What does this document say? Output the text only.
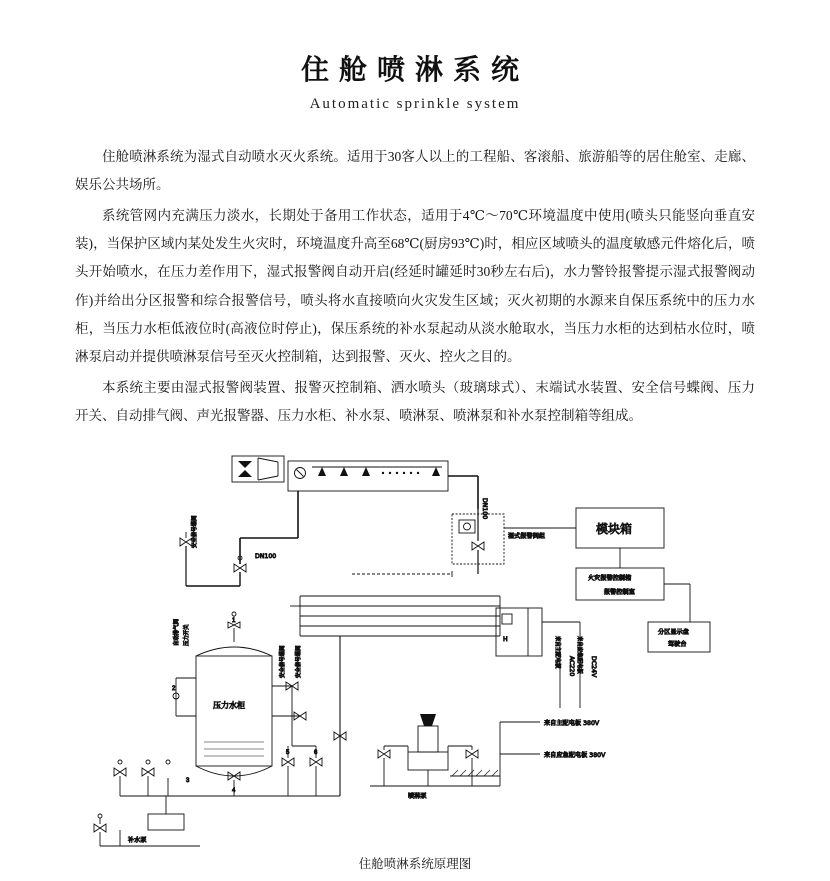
住舱喷淋系统
Automatic sprinkle system

住舱喷淋系统为湿式自动喷水灭火系统。适用于30客人以上的工程船、客滚船、旅游船等的居住舱室、走廊、娱乐公共场所。

系统管网内充满压力淡水，长期处于备用工作状态，适用于4℃～70℃环境温度中使用(喷头只能竖向垂直安装)，当保护区域内某处发生火灾时，环境温度升高至68℃(厨房93℃)时，相应区域喷头的温度敏感元件熔化后，喷头开始喷水，在压力差作用下，湿式报警阀自动开启(经延时罐延时30秒左右后)，水力警铃报警提示湿式报警阀动作)并给出分区报警和综合报警信号，喷头将水直接喷向火灾发生区域；灭火初期的水源来自保压系统中的压力水柜，当压力水柜低液位时(高液位时停止)，保压系统的补水泵起动从淡水舱取水，当压力水柜的达到枯水位时，喷淋泵启动并提供喷淋泵信号至灭火控制箱，达到报警、灭火、控火之目的。

本系统主要由湿式报警阀装置、报警灭控制箱、洒水喷头（玻璃球式）、末端试水装置、安全信号蝶阀、压力开关、自动排气阀、声光报警器、压力水柜、补水泵、喷淋泵、喷淋泵和补水泵控制箱等组成。

DN100
湿式报警阀组
DN100
安全信号蝶阀	模块箱
火灾报警控制箱
报警控制室
分区显示盘
驾驶台
H
AC220 DC24V
来自主配电板	来自应急配电板
来自主配电板 380V
来自应急配电板 380V
压力水柜
自动排气阀 压力开关
安全信号蝶阀	安全信号蝶阀
补水泵
喷淋泵
1
2
3
4
5	6
住舱喷淋系统原理图
